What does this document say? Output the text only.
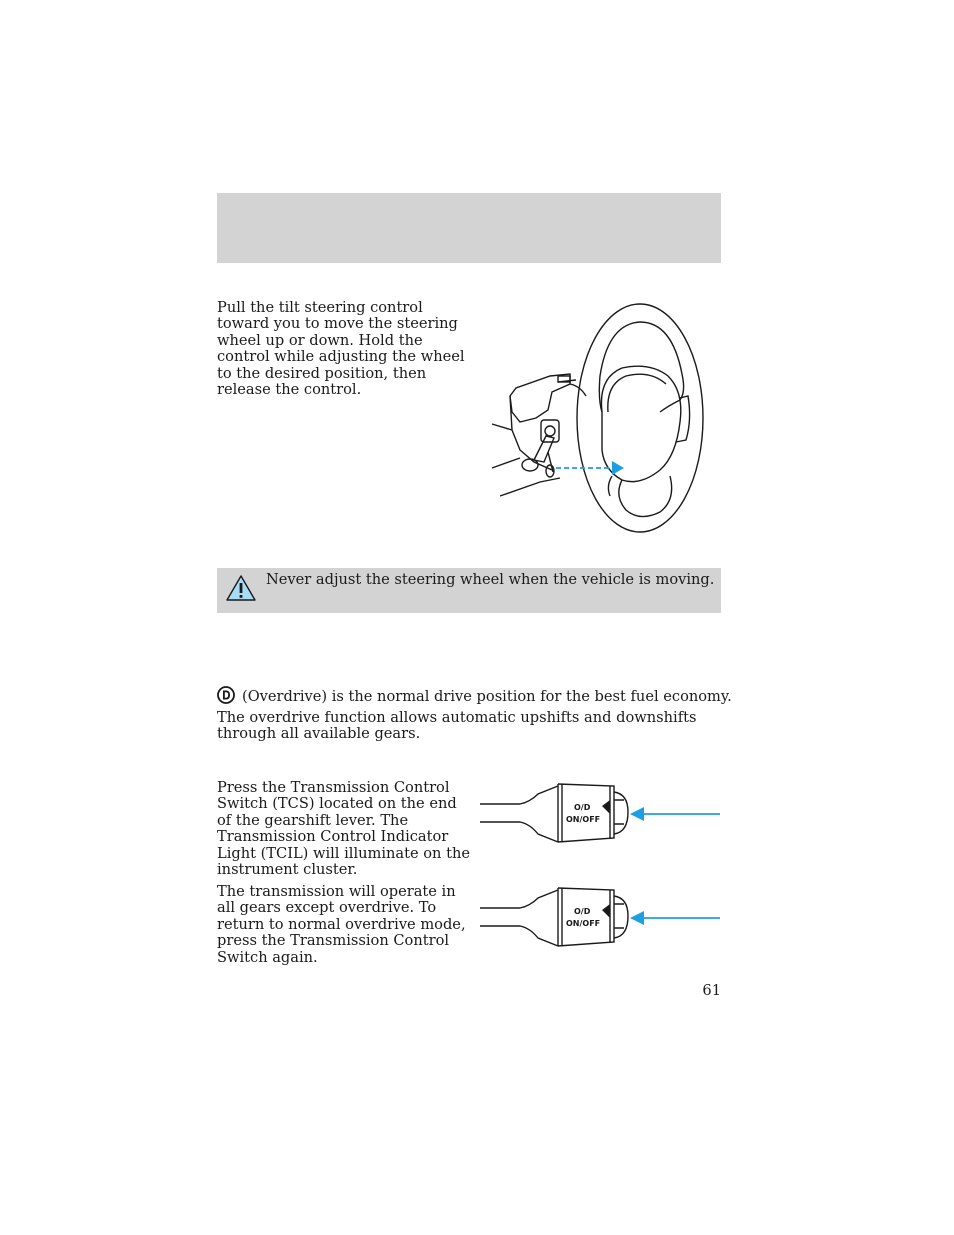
Pull the tilt steering control toward you to move the steering wheel up or down. Hold the control while adjusting the wheel to the desired position, then release the control.

Never adjust the steering wheel when the vehicle is moving.
(Overdrive) is the normal drive position for the best fuel economy.

The overdrive function allows automatic upshifts and downshifts through all available gears.

Press the Transmission Control Switch (TCS) located on the end of the gearshift lever. The Transmission Control Indicator Light (TCIL) will illuminate on the instrument cluster.

The transmission will operate in all gears except overdrive. To return to normal overdrive mode, press the Transmission Control Switch again.

O/D
ON/OFF
O/D
ON/OFF
61
